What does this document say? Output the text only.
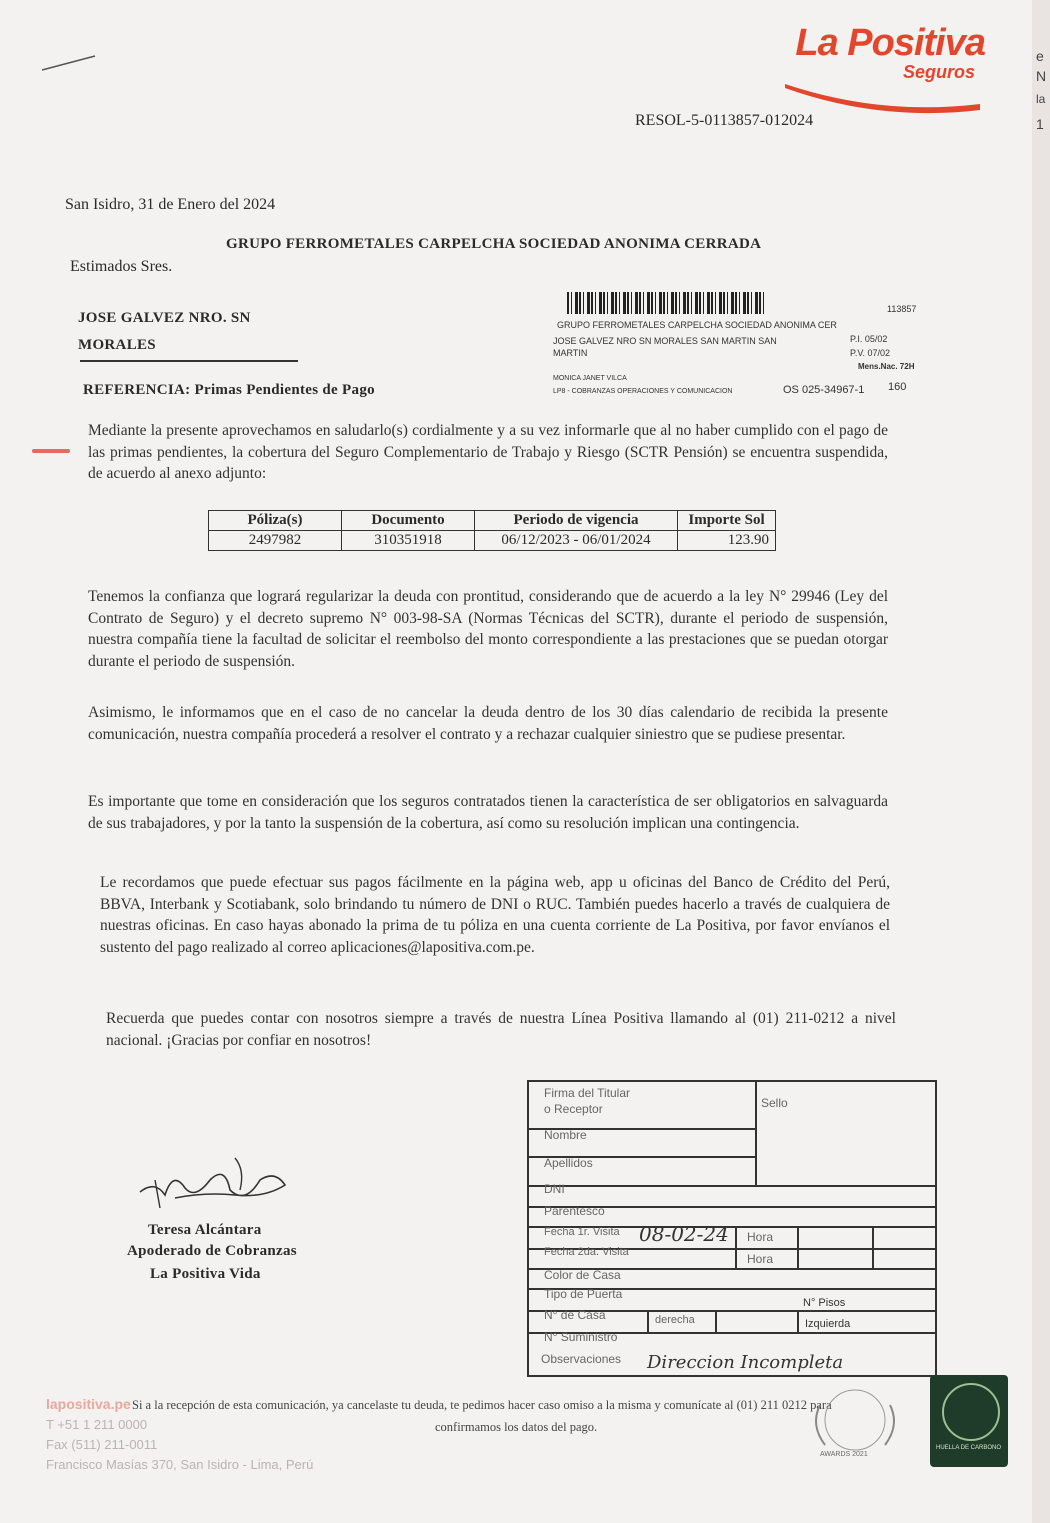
e
N
la
1
La Positiva
Seguros
RESOL-5-0113857-012024
San Isidro, 31 de Enero del 2024
Estimados Sres.
GRUPO FERROMETALES CARPELCHA SOCIEDAD ANONIMA CERRADA
JOSE GALVEZ NRO. SN
MORALES
REFERENCIA: Primas Pendientes de Pago
113857
GRUPO FERROMETALES CARPELCHA SOCIEDAD ANONIMA CER
JOSE GALVEZ NRO SN MORALES SAN MARTIN SAN
MARTIN
P.I. 05/02
P.V. 07/02
Mens.Nac. 72H
MONICA JANET VILCA
LP8 - COBRANZAS OPERACIONES Y COMUNICACION	OS 025-34967-1 160
Mediante la presente aprovechamos en saludarlo(s) cordialmente y a su vez informarle que al no haber cumplido con el pago de las primas pendientes, la cobertura del Seguro Complementario de Trabajo y Riesgo (SCTR Pensión) se encuentra suspendida, de acuerdo al anexo adjunto:
Póliza(s)	Documento	Periodo de vigencia	Importe Sol
2497982	310351918	06/12/2023 - 06/01/2024	123.90
Tenemos la confianza que logrará regularizar la deuda con prontitud, considerando que de acuerdo a la ley N° 29946 (Ley del Contrato de Seguro) y el decreto supremo N° 003-98-SA (Normas Técnicas del SCTR), durante el periodo de suspensión, nuestra compañía tiene la facultad de solicitar el reembolso del monto correspondiente a las prestaciones que se puedan otorgar durante el periodo de suspensión.
Asimismo, le informamos que en el caso de no cancelar la deuda dentro de los 30 días calendario de recibida la presente comunicación, nuestra compañía procederá a resolver el contrato y a rechazar cualquier siniestro que se pudiese presentar.
Es importante que tome en consideración que los seguros contratados tienen la característica de ser obligatorios en salvaguarda de sus trabajadores, y por la tanto la suspensión de la cobertura, así como su resolución implican una contingencia.
Le recordamos que puede efectuar sus pagos fácilmente en la página web, app u oficinas del Banco de Crédito del Perú, BBVA, Interbank y Scotiabank, solo brindando tu número de DNI o RUC. También puedes hacerlo a través de cualquiera de nuestras oficinas. En caso hayas abonado la prima de tu póliza en una cuenta corriente de La Positiva, por favor envíanos el sustento del pago realizado al correo aplicaciones@lapositiva.com.pe.
Recuerda que puedes contar con nosotros siempre a través de nuestra Línea Positiva llamando al (01) 211-0212 a nivel nacional. ¡Gracias por confiar en nosotros!
Teresa Alcántara
Apoderado de Cobranzas
La Positiva Vida
Firma del Titular
o Receptor	Sello
Nombre
Apellidos
DNI
Parentesco
Fecha 1r. Visita 08-02-24 Hora
Fecha 2da. Visita	Hora
Color de Casa
Tipo de Puerta
N° Pisos
N° de Casa	derecha	Izquierda
N° Suministro
Observaciones Direccion Incompleta
lapositiva.pe
T +51 1 211 0000
Fax (511) 211-0011
Francisco Masías 370, San Isidro - Lima, Perú
Si a la recepción de esta comunicación, ya cancelaste tu deuda, te pedimos hacer caso omiso a la misma y comunícate al (01) 211 0212 para
confirmamos los datos del pago.
AWARDS 2021
HUELLA DE CARBONO
